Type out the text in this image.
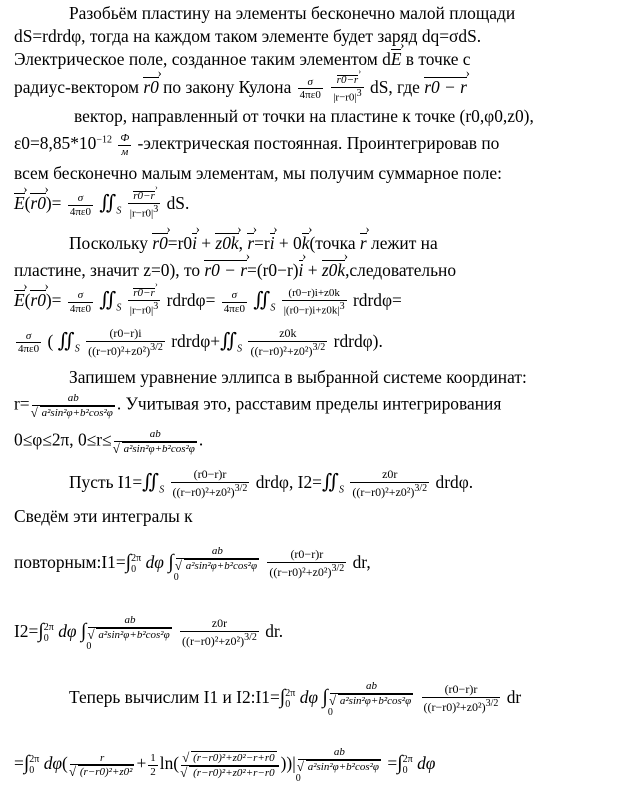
Разобьём пластину на элементы бесконечно малой площади
dS=rdrdφ, тогда на каждом таком элементе будет заряд dq=σdS.
Электрическое поле, созданное таким элементом d› E в точке с
радиус-вектором › r0 по закону Кулона $\frac{\sigma}{4\pi\varepsilon 0}$
› $\frac{r0-r}{|r-r0|^3}$ dS, где › r0 − r
вектор, направленный от точки на пластине к точке (r0,φ0,z0),
$\varepsilon 0=8,85*10^{-12} \frac{Ф}{м}$ -электрическая постоянная. Проинтегрировав по
всем бесконечно малым элементам, мы получим суммарное поле:
› E(› $r0)= \frac{\sigma}{4\pi\varepsilon 0}$ $∬_S$ › $\frac{r0-r}{|r-r0|^3}$ dS.
Поскольку › r0=r0› i + › z0k, › r=r› i + 0› k(точка › r лежит на
пластине, значит z=0), то › r0 − r=(r0−r)› i + › z0k,следовательно
› E(› $r0)= \frac{\sigma}{4\pi\varepsilon 0}$ $∬_S$ › $\frac{r0-r}{|r-r0|^3}$ rdrdφ= $\frac{\sigma}{4\pi\varepsilon 0}$ $∬_S \frac{(r0-r)i+z0k}{|(r0-r)i+z0k|^3}$ rdrdφ=
$\frac{\sigma}{4\pi\varepsilon 0}$ ( $∬_S \frac{(r0-r)i}{((r-r0)^2+z0^2)^{3/2}}$ $rdrd\varphi+∬_S \frac{z0k}{((r-r0)^2+z0^2)^{3/2}}$ rdrdφ).
Запишем уравнение эллипса в выбранной системе координат:
r= ab
√ a²sin²φ+b²cos²φ . Учитывая это, расставим пределы интегрирования
0≤φ≤2π, 0≤r≤ ab
√ a²sin²φ+b²cos²φ .
Пусть $I1=∬_S \frac{(r0-r)r}{((r-r0)^2+z0^2)^{3/2}} drd\varphi$, $I2=∬_S \frac{z0r}{((r-r0)^2+z0^2)^{3/2}} drd\varphi$.
Сведём эти интегралы к
повторным:I1=∫2π
0 dφ ∫ ab
√ a²sin²φ+b²cos²φ

0	$\frac{(r0-r)r}{((r-r0)^2+z0^2)^{3/2}}$ dr,
I2=∫2π
0 dφ ∫ ab
√ a²sin²φ+b²cos²φ

0	$\frac{z0r}{((r-r0)^2+z0^2)^{3/2}}$ dr.
Теперь вычислим I1 и I2:I1=∫2π
0 dφ ∫ ab
√ a²sin²φ+b²cos²φ

0	$\frac{(r0-r)r}{((r-r0)^2+z0^2)^{3/2}}$ dr
=∫2π
0 dφ( r
√ $(r-r0)^2+z0^2 + \frac{1}{2} \ln$( √ (r−r0)²+z0²−r+r0
√ (r−r0)²+z0²+r−r0 ))| ab
√ a²sin²φ+b²cos²φ

0 =∫2π
0 dφ
